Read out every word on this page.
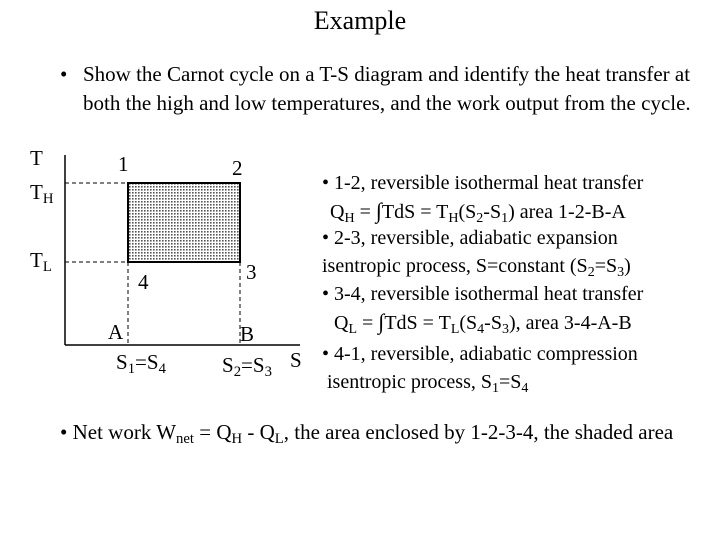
Example
• Show the Carnot cycle on a T-S diagram and identify the heat transfer at both the high and low temperatures, and the work output from the cycle.
T
$T_H$
$T_L$
1	2
3
4
A	B
$S_1=S_4$	$S_2=S_3$ S
• 1-2, reversible isothermal heat transfer
$Q_H = \int TdS = T_H(S_2-S_1)$ area 1-2-B-A
• 2-3, reversible, adiabatic expansion
isentropic process, S=constant $(S_2=S_3)$
• 3-4, reversible isothermal heat transfer
$Q_L = \int TdS = T_L(S_4-S_3)$, area 3-4-A-B
• 4-1, reversible, adiabatic compression
isentropic process, $S_1=S_4$
• Net work $W_{net} = Q_H - Q_L$, the area enclosed by 1-2-3-4, the shaded area
